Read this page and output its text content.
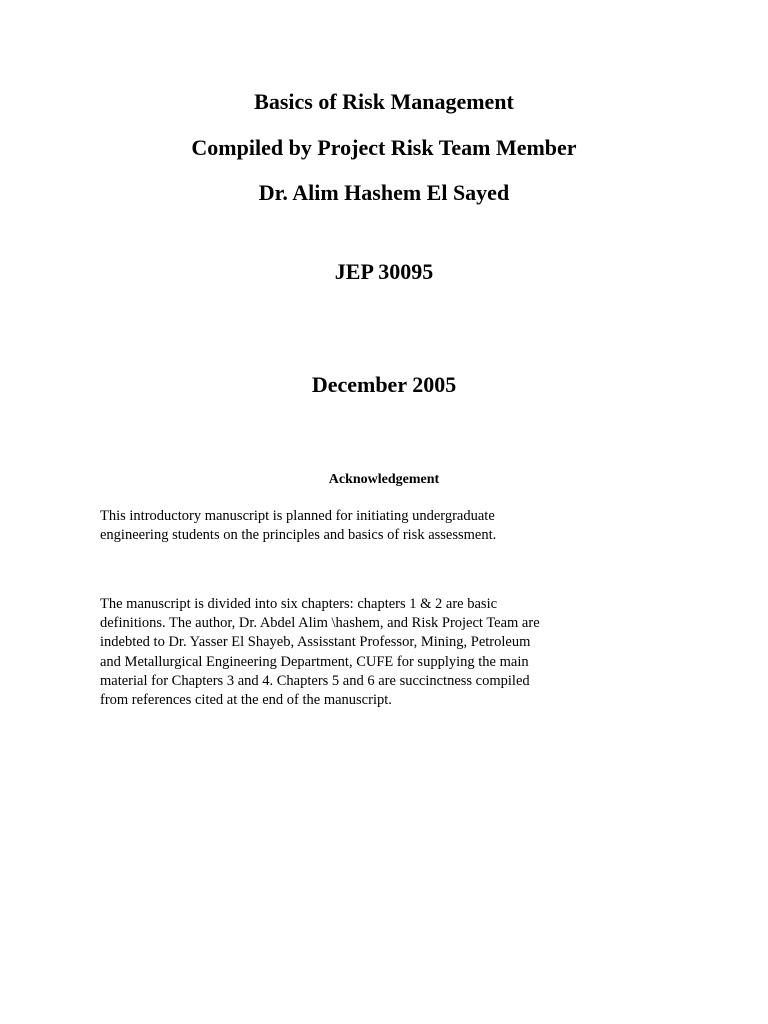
Basics of Risk Management
Compiled by Project Risk Team Member
Dr. Alim Hashem El Sayed
JEP 30095
December 2005
Acknowledgement

This introductory manuscript is planned for initiating undergraduate
engineering students on the principles and basics of risk assessment.

The manuscript is divided into six chapters: chapters 1 & 2 are basic
definitions. The author, Dr. Abdel Alim \hashem, and Risk Project Team are
indebted to Dr. Yasser El Shayeb, Assisstant Professor, Mining, Petroleum
and Metallurgical Engineering Department, CUFE for supplying the main
material for Chapters 3 and 4. Chapters 5 and 6 are succinctness compiled
from references cited at the end of the manuscript.
